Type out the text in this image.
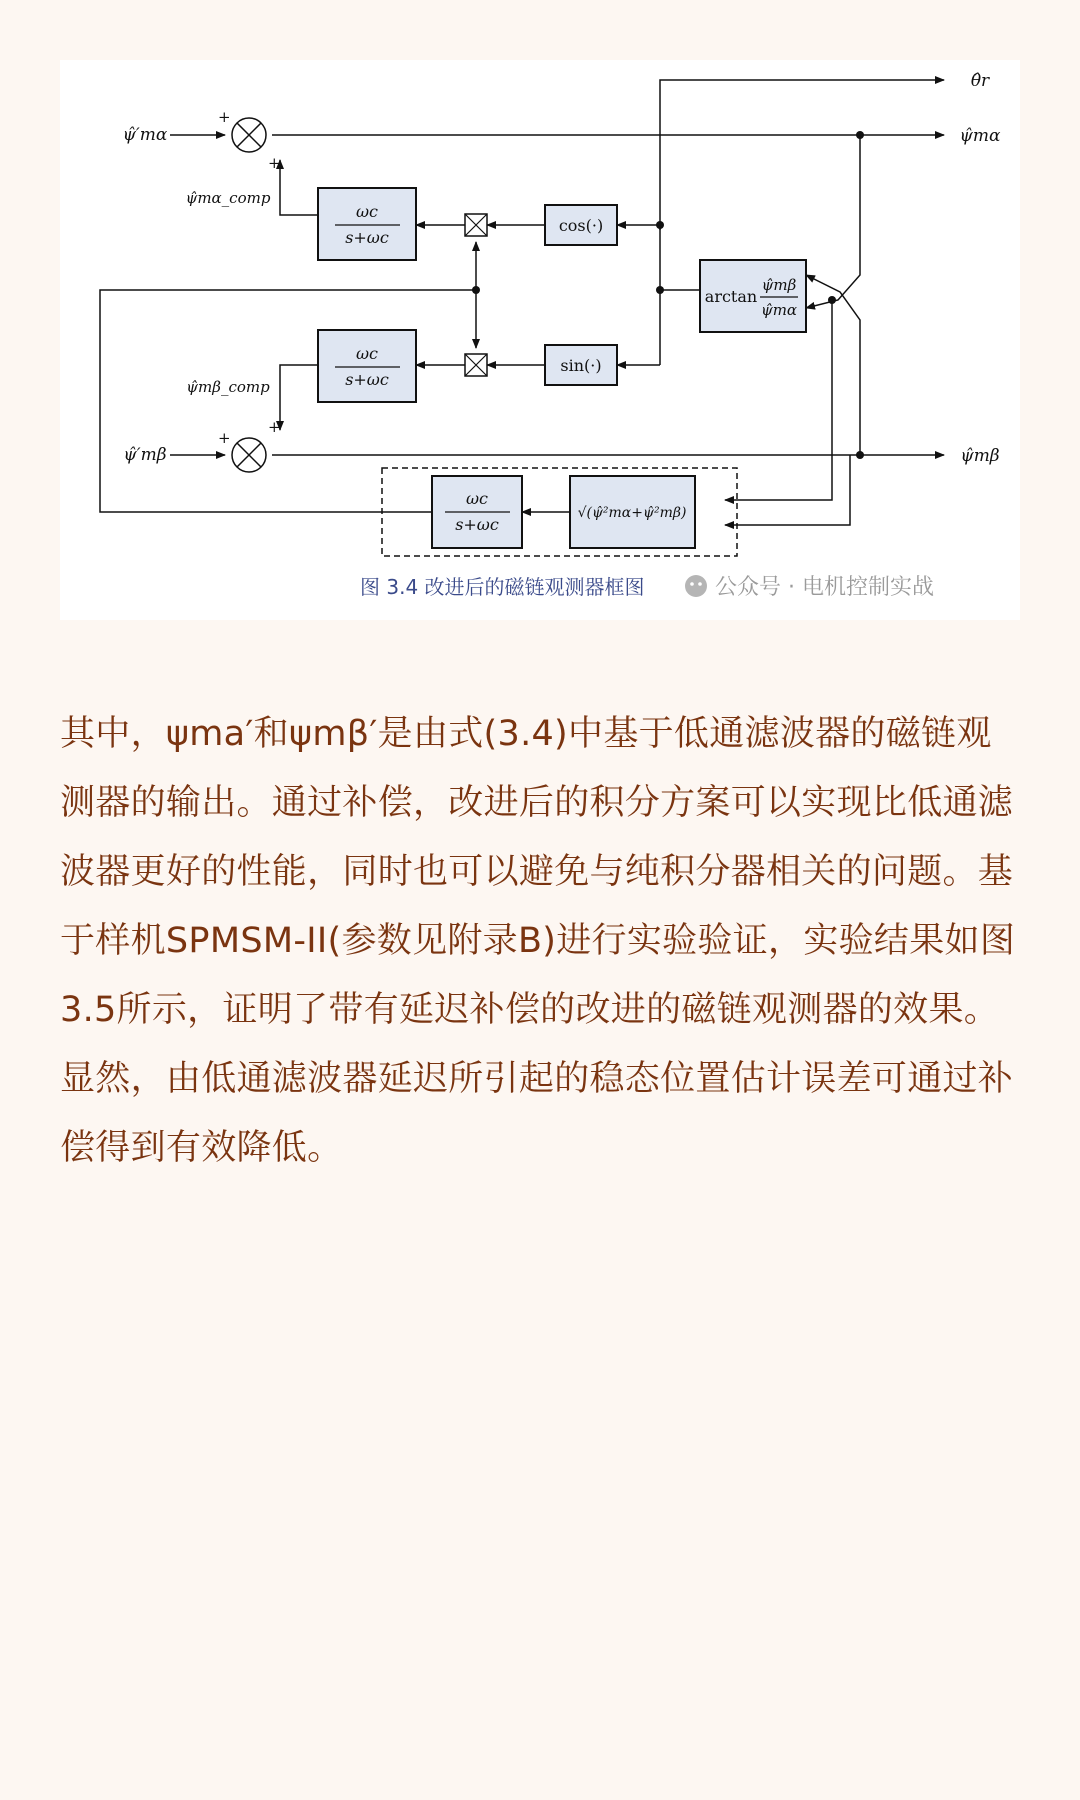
ψ̂′mα
ψ̂′mβ
ψ̂mα_comp
ψ̂mβ_comp
+
+
+
+
θ̂r
ψ̂mα
ψ̂mβ
ωc
s+ωc
ωc
s+ωc
ωc
s+ωc
cos(·)
sin(·)
arctan
ψ̂mβ
ψ̂mα
√(ψ̂²mα+ψ̂²mβ)
图 3.4 改进后的磁链观测器框图	公众号 · 电机控制实战

其中，ψma′和ψmβ′是由式(3.4)中基于低通滤波器的磁链观测器的输出。通过补偿，改进后的积分方案可以实现比低通滤波器更好的性能，同时也可以避免与纯积分器相关的问题。基于样机SPMSM-II(参数见附录B)进行实验验证，实验结果如图3.5所示，证明了带有延迟补偿的改进的磁链观测器的效果。显然，由低通滤波器延迟所引起的稳态位置估计误差可通过补偿得到有效降低。
